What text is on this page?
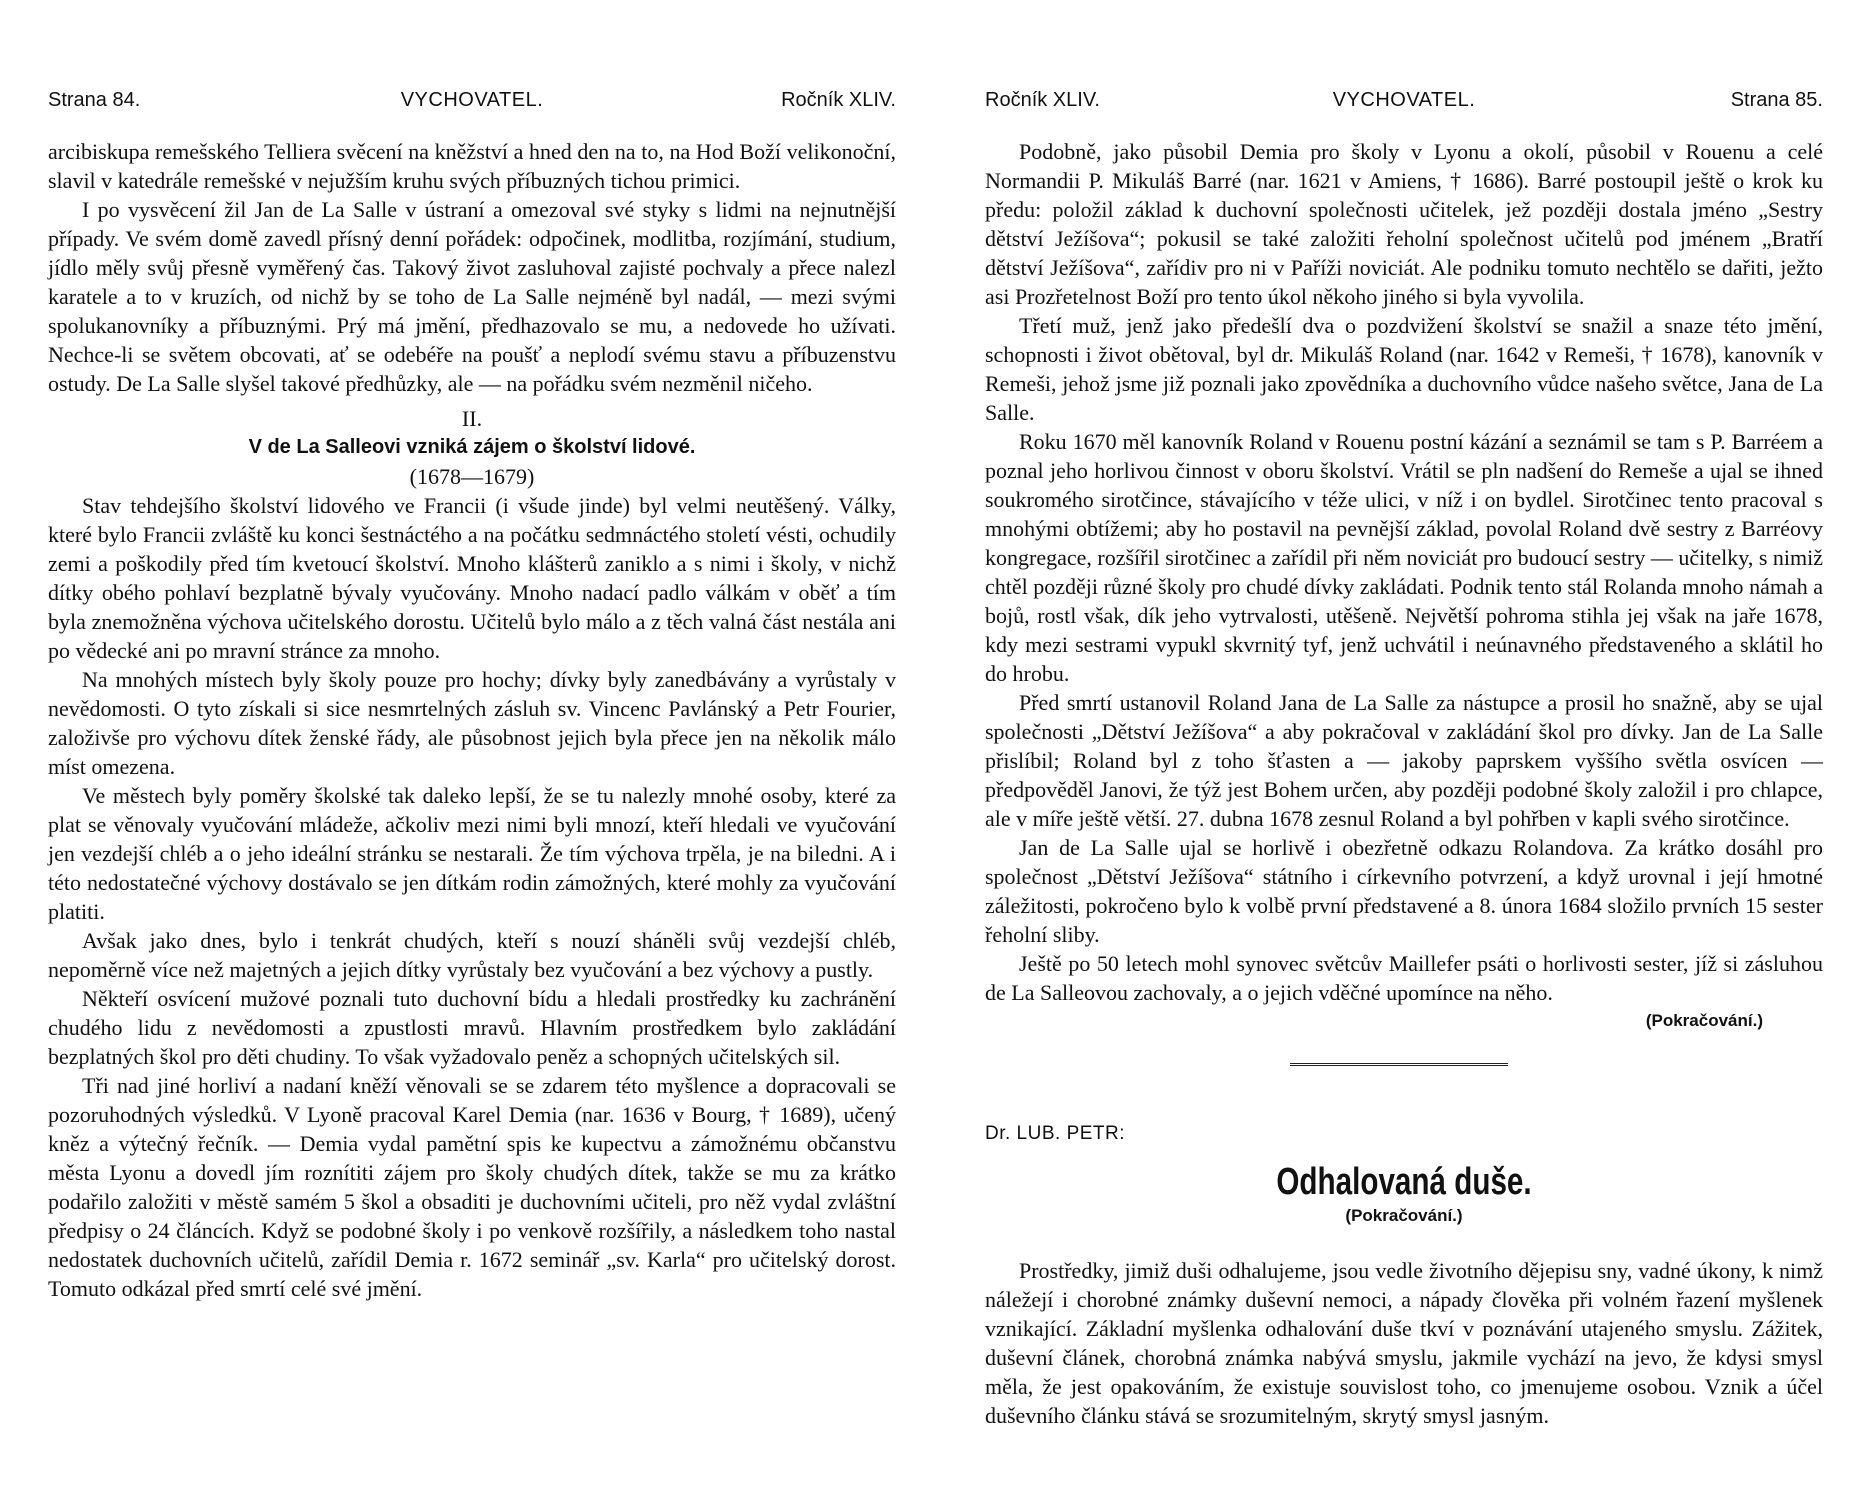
Strana 84.	VYCHOVATEL.	Ročník XLIV.

arcibiskupa remešského Telliera svěcení na kněžství a hned den na to, na Hod Boží velikonoční, slavil v katedrále remešské v nejužším kruhu svých příbuzných tichou primici.

I po vysvěcení žil Jan de La Salle v ústraní a omezoval své styky s lidmi na nejnutnější případy. Ve svém domě zavedl přísný denní pořádek: odpočinek, modlitba, rozjímání, studium, jídlo měly svůj přesně vyměřený čas. Takový život zasluhoval zajisté pochvaly a přece nalezl karatele a to v kruzích, od nichž by se toho de La Salle nejméně byl nadál, — mezi svými spolukanovníky a příbuznými. Prý má jmění, předhazovalo se mu, a nedovede ho užívati. Nechce-li se světem obcovati, ať se odebéře na poušť a neplodí svému stavu a příbuzenstvu ostudy. De La Salle slyšel takové předhůzky, ale — na pořádku svém nezměnil ničeho.

II.
V de La Salleovi vzniká zájem o školství lidové.
(1678—1679)

Stav tehdejšího školství lidového ve Francii (i všude jinde) byl velmi neutěšený. Války, které bylo Francii zvláště ku konci šestnáctého a na počátku sedmnáctého století vésti, ochudily zemi a poškodily před tím kvetoucí školství. Mnoho klášterů zaniklo a s nimi i školy, v nichž dítky obého pohlaví bezplatně bývaly vyučovány. Mnoho nadací padlo válkám v oběť a tím byla znemožněna výchova učitelského dorostu. Učitelů bylo málo a z těch valná část nestála ani po vědecké ani po mravní stránce za mnoho.

Na mnohých místech byly školy pouze pro hochy; dívky byly zanedbávány a vyrůstaly v nevědomosti. O tyto získali si sice nesmrtelných zásluh sv. Vincenc Pavlánský a Petr Fourier, založivše pro výchovu dítek ženské řády, ale působnost jejich byla přece jen na několik málo míst omezena.

Ve městech byly poměry školské tak daleko lepší, že se tu nalezly mnohé osoby, které za plat se věnovaly vyučování mládeže, ačkoliv mezi nimi byli mnozí, kteří hledali ve vyučování jen vezdejší chléb a o jeho ideální stránku se nestarali. Že tím výchova trpěla, je na biledni. A i této nedostatečné výchovy dostávalo se jen dítkám rodin zámožných, které mohly za vyučování platiti.

Avšak jako dnes, bylo i tenkrát chudých, kteří s nouzí sháněli svůj vezdejší chléb, nepoměrně více než majetných a jejich dítky vyrůstaly bez vyučování a bez výchovy a pustly.

Někteří osvícení mužové poznali tuto duchovní bídu a hledali prostředky ku zachránění chudého lidu z nevědomosti a zpustlosti mravů. Hlavním prostředkem bylo zakládání bezplatných škol pro děti chudiny. To však vyžadovalo peněz a schopných učitelských sil.

Tři nad jiné horliví a nadaní kněží věnovali se se zdarem této myšlence a dopracovali se pozoruhodných výsledků. V Lyoně pracoval Karel Demia (nar. 1636 v Bourg, † 1689), učený kněz a výtečný řečník. — Demia vydal pamětní spis ke kupectvu a zámožnému občanstvu města Lyonu a dovedl jím roznítiti zájem pro školy chudých dítek, takže se mu za krátko podařilo založiti v městě samém 5 škol a obsaditi je duchovními učiteli, pro něž vydal zvláštní předpisy o 24 článcích. Když se podobné školy i po venkově rozšířily, a následkem toho nastal nedostatek duchovních učitelů, zařídil Demia r. 1672 seminář „sv. Karla“ pro učitelský dorost. Tomuto odkázal před smrtí celé své jmění.

Ročník XLIV.	VYCHOVATEL.	Strana 85.

Podobně, jako působil Demia pro školy v Lyonu a okolí, působil v Rouenu a celé Normandii P. Mikuláš Barré (nar. 1621 v Amiens, † 1686). Barré postoupil ještě o krok ku předu: položil základ k duchovní společnosti učitelek, jež později dostala jméno „Sestry dětství Ježíšova“; pokusil se také založiti řeholní společnost učitelů pod jménem „Bratří dětství Ježíšova“, zařídiv pro ni v Paříži noviciát. Ale podniku tomuto nechtělo se dařiti, ježto asi Prozřetelnost Boží pro tento úkol někoho jiného si byla vyvolila.

Třetí muž, jenž jako předešlí dva o pozdvižení školství se snažil a snaze této jmění, schopnosti i život obětoval, byl dr. Mikuláš Roland (nar. 1642 v Remeši, † 1678), kanovník v Remeši, jehož jsme již poznali jako zpovědníka a duchovního vůdce našeho světce, Jana de La Salle.

Roku 1670 měl kanovník Roland v Rouenu postní kázání a seznámil se tam s P. Barréem a poznal jeho horlivou činnost v oboru školství. Vrátil se pln nadšení do Remeše a ujal se ihned soukromého sirotčince, stávajícího v téže ulici, v níž i on bydlel. Sirotčinec tento pracoval s mnohými obtížemi; aby ho postavil na pevnější základ, povolal Roland dvě sestry z Barréovy kongregace, rozšířil sirotčinec a zařídil při něm noviciát pro budoucí sestry — učitelky, s nimiž chtěl později různé školy pro chudé dívky zakládati. Podnik tento stál Rolanda mnoho námah a bojů, rostl však, dík jeho vytrvalosti, utěšeně. Největší pohroma stihla jej však na jaře 1678, kdy mezi sestrami vypukl skvrnitý tyf, jenž uchvátil i neúnavného představeného a sklátil ho do hrobu.

Před smrtí ustanovil Roland Jana de La Salle za nástupce a prosil ho snažně, aby se ujal společnosti „Dětství Ježíšova“ a aby pokračoval v zakládání škol pro dívky. Jan de La Salle přislíbil; Roland byl z toho šťasten a — jakoby paprskem vyššího světla osvícen — předpověděl Janovi, že týž jest Bohem určen, aby později podobné školy založil i pro chlapce, ale v míře ještě větší. 27. dubna 1678 zesnul Roland a byl pohřben v kapli svého sirotčince.

Jan de La Salle ujal se horlivě i obezřetně odkazu Rolandova. Za krátko dosáhl pro společnost „Dětství Ježíšova“ státního i církevního potvrzení, a když urovnal i její hmotné záležitosti, pokročeno bylo k volbě první představené a 8. února 1684 složilo prvních 15 sester řeholní sliby.

Ještě po 50 letech mohl synovec světcův Maillefer psáti o horlivosti sester, jíž si zásluhou de La Salleovou zachovaly, a o jejich vděčné upomínce na něho.

(Pokračování.)
Dr. LUB. PETR:
Odhalovaná duše.
(Pokračování.)

Prostředky, jimiž duši odhalujeme, jsou vedle životního dějepisu sny, vadné úkony, k nimž náležejí i chorobné známky duševní nemoci, a nápady člověka při volném řazení myšlenek vznikající. Základní myšlenka odhalování duše tkví v poznávání utajeného smyslu. Zážitek, duševní článek, chorobná známka nabývá smyslu, jakmile vychází na jevo, že kdysi smysl měla, že jest opakováním, že existuje souvislost toho, co jmenujeme osobou. Vznik a účel duševního článku stává se srozumitelným, skrytý smysl jasným.
